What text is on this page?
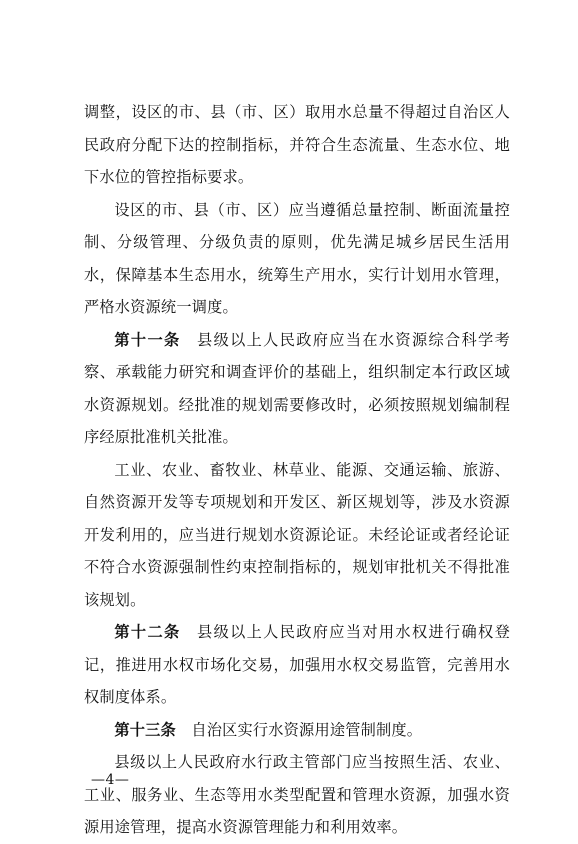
调整，设区的市、县（市、区）取用水总量不得超过自治区人民政府分配下达的控制指标，并符合生态流量、生态水位、地下水位的管控指标要求。

设区的市、县（市、区）应当遵循总量控制、断面流量控制、分级管理、分级负责的原则，优先满足城乡居民生活用水，保障基本生态用水，统筹生产用水，实行计划用水管理，严格水资源统一调度。

第十一条　 县级以上人民政府应当在水资源综合科学考察、承载能力研究和调查评价的基础上，组织制定本行政区域水资源规划。经批准的规划需要修改时，必须按照规划编制程序经原批准机关批准。

工业、农业、畜牧业、林草业、能源、交通运输、旅游、自然资源开发等专项规划和开发区、新区规划等，涉及水资源开发利用的，应当进行规划水资源论证。未经论证或者经论证不符合水资源强制性约束控制指标的，规划审批机关不得批准该规划。

第十二条　 县级以上人民政府应当对用水权进行确权登记，推进用水权市场化交易，加强用水权交易监管，完善用水权制度体系。

第十三条　 自治区实行水资源用途管制制度。

县级以上人民政府水行政主管部门应当按照生活、农业、工业、服务业、生态等用水类型配置和管理水资源，加强水资源用途管理，提高水资源管理能力和利用效率。

—4—
